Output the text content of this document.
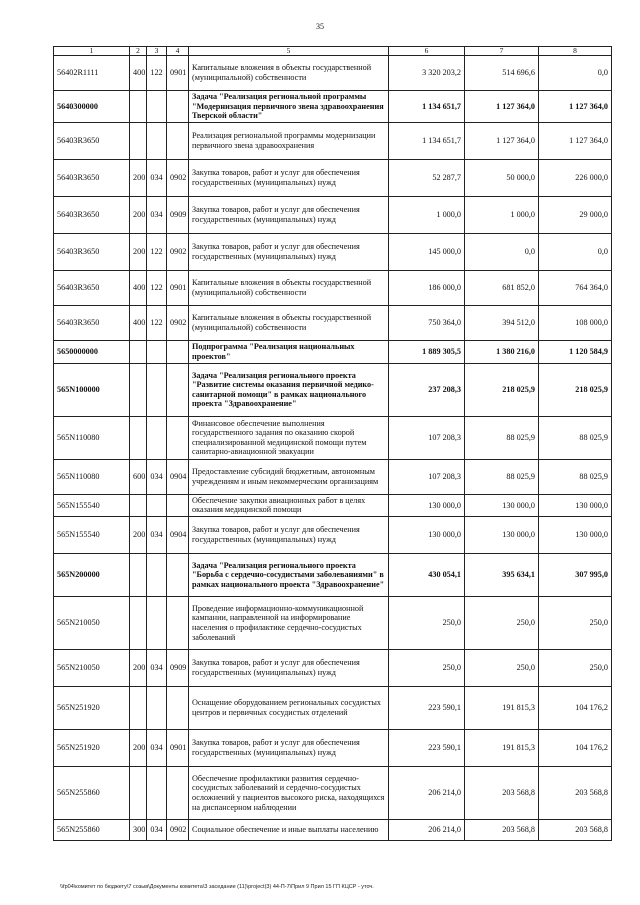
35
1	2	3	4	5	6	7	8
56402R1111	400	122	0901	Капитальные вложения в объекты государственной (муниципальной) собственности	3 320 203,2	514 696,6	0,0
5640300000				Задача "Реализация региональной программы "Модернизация первичного звена здравоохранения Тверской области"	1 134 651,7	1 127 364,0	1 127 364,0
56403R3650				Реализация региональной программы модернизации первичного звена здравоохранения	1 134 651,7	1 127 364,0	1 127 364,0
56403R3650	200	034	0902	Закупка товаров, работ и услуг для обеспечения государственных (муниципальных) нужд	52 287,7	50 000,0	226 000,0
56403R3650	200	034	0909	Закупка товаров, работ и услуг для обеспечения государственных (муниципальных) нужд	1 000,0	1 000,0	29 000,0
56403R3650	200	122	0902	Закупка товаров, работ и услуг для обеспечения государственных (муниципальных) нужд	145 000,0	0,0	0,0
56403R3650	400	122	0901	Капитальные вложения в объекты государственной (муниципальной) собственности	186 000,0	681 852,0	764 364,0
56403R3650	400	122	0902	Капитальные вложения в объекты государственной (муниципальной) собственности	750 364,0	394 512,0	108 000,0
5650000000				Подпрограмма "Реализация национальных проектов"	1 889 305,5	1 380 216,0	1 120 584,9
565N100000				Задача "Реализация регионального проекта "Развитие системы оказания первичной медико-санитарной помощи" в рамках национального проекта "Здравоохранение"	237 208,3	218 025,9	218 025,9
565N110080				Финансовое обеспечение выполнения государственного задания по оказанию скорой специализированной медицинской помощи путем санитарно-авиационной эвакуации	107 208,3	88 025,9	88 025,9
565N110080	600	034	0904	Предоставление субсидий бюджетным, автономным учреждениям и иным некоммерческим организациям	107 208,3	88 025,9	88 025,9
565N155540				Обеспечение закупки авиационных работ в целях оказания медицинской помощи	130 000,0	130 000,0	130 000,0
565N155540	200	034	0904	Закупка товаров, работ и услуг для обеспечения государственных (муниципальных) нужд	130 000,0	130 000,0	130 000,0
565N200000				Задача "Реализация регионального проекта "Борьба с сердечно-сосудистыми заболеваниями" в рамках национального проекта "Здравоохранение"	430 054,1	395 634,1	307 995,0
565N210050				Проведение информационно-коммуникационной кампании, направленной на информирование населения о профилактике сердечно-сосудистых заболеваний	250,0	250,0	250,0
565N210050	200	034	0909	Закупка товаров, работ и услуг для обеспечения государственных (муниципальных) нужд	250,0	250,0	250,0
565N251920				Оснащение оборудованием региональных сосудистых центров и первичных сосудистых отделений	223 590,1	191 815,3	104 176,2
565N251920	200	034	0901	Закупка товаров, работ и услуг для обеспечения государственных (муниципальных) нужд	223 590,1	191 815,3	104 176,2
565N255860				Обеспечение профилактики развития сердечно-сосудистых заболеваний и сердечно-сосудистых осложнений у пациентов высокого риска, находящихся на диспансерном наблюдении	206 214,0	203 568,8	203 568,8
565N255860	300	034	0902	Социальное обеспечение и иные выплаты населению	206 214,0	203 568,8	203 568,8
\\fp04\комитет по бюджету\7 созыв\Документы комитета\3 заседание (11)\project(3) 44-П-7\Прил 9 Прил 15 ГП КЦСР - уточ.
